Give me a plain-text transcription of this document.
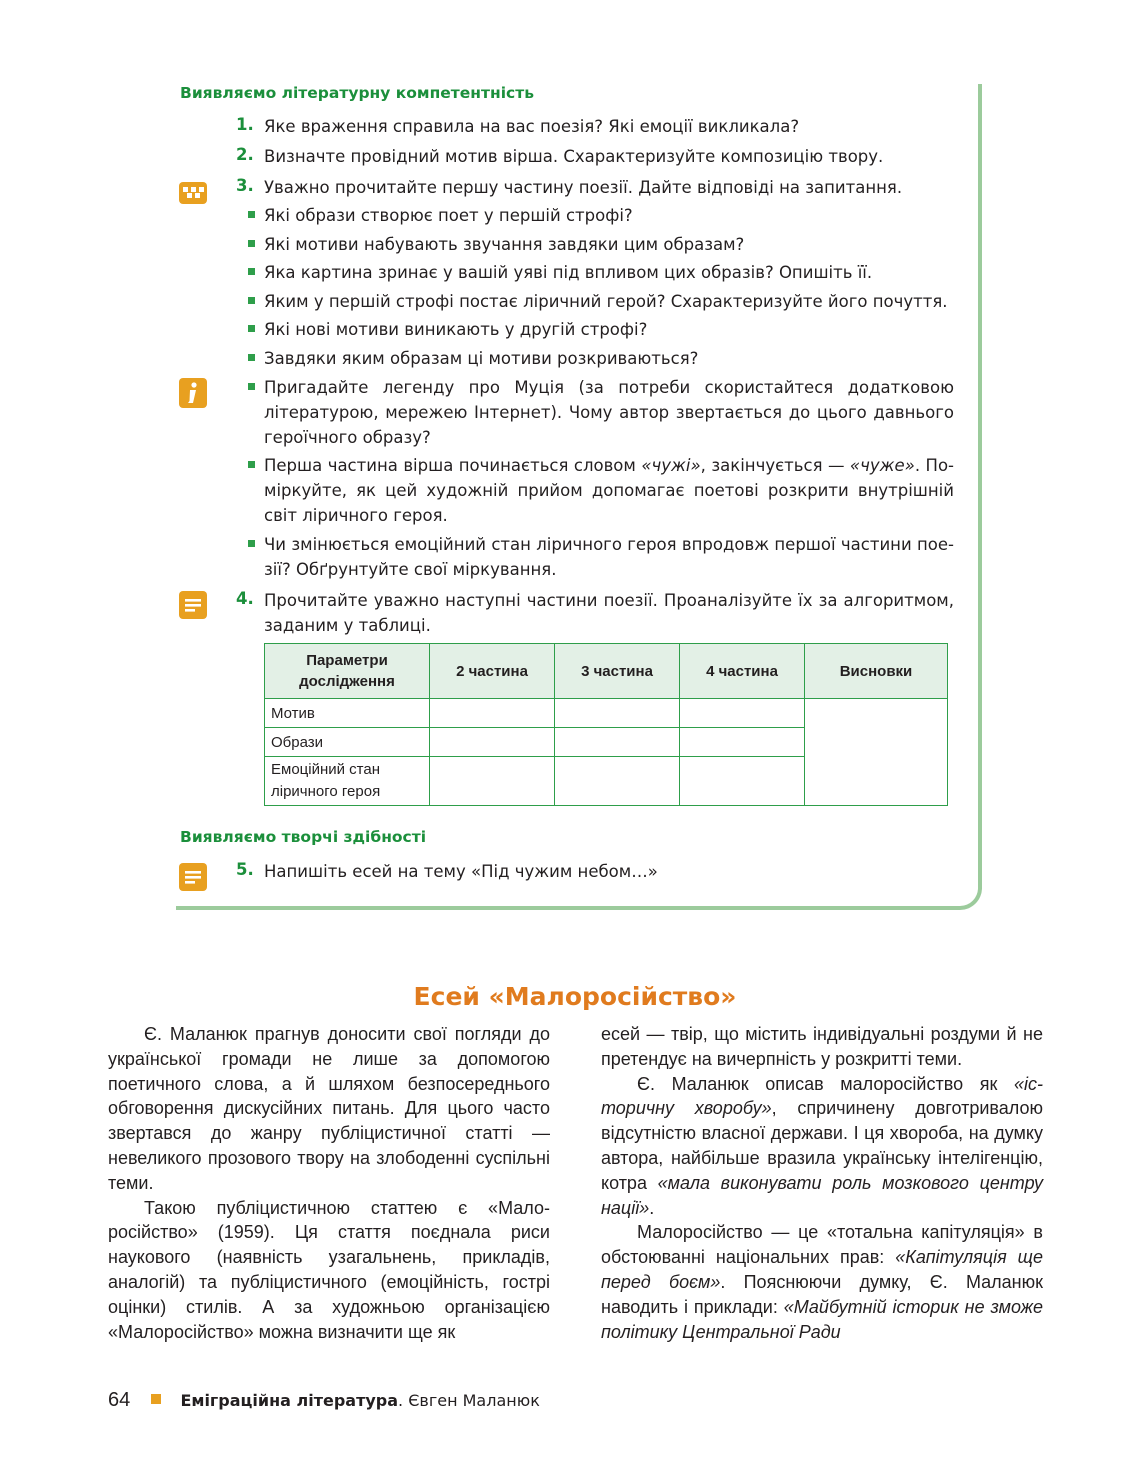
Виявляємо літературну компетентність
1. Яке враження справила на вас поезія? Які емоції викликала?
2. Визначте провідний мотив вірша. Схарактеризуйте композицію твору.
3. Уважно прочитайте першу частину поезії. Дайте відповіді на запитання.
Які образи створює поет у першій строфі?
Які мотиви набувають звучання завдяки цим образам?
Яка картина зринає у вашій уяві під впливом цих образів? Опишіть її.
Яким у першій строфі постає ліричний герой? Схарактеризуйте його почуття.
Які нові мотиви виникають у другій строфі?
Завдяки яким образам ці мотиви розкриваються?
Пригадайте легенду про Муція (за потреби скористайтеся додатковою літературою, мережею Інтернет). Чому автор звертається до цього давнього героїчного образу?
Перша частина вірша починається словом «чужі», закінчується — «чуже». Поміркуйте, як цей художній прийом допомагає поетові розкрити внутрішній світ ліричного героя.
Чи змінюється емоційний стан ліричного героя впродовж першої частини поезії? Обґрунтуйте свої міркування.
4. Прочитайте уважно наступні частини поезії. Проаналізуйте їх за алгоритмом, заданим у таблиці.
Параметри дослідження	2 частина	3 частина	4 частина	Висновки
Мотив				
Образи				
Емоційний стан ліричного героя				
Виявляємо творчі здібності
5. Напишіть есей на тему «Під чужим небом…»
Есей «Малоросійство»

Є. Маланюк прагнув доносити свої погляди до української громади не лише за допомогою поетичного слова, а й шляхом безпосереднього обговорення дискусійних питань. Для цього часто звертався до жанру публіцистичної статті — невеликого прозового твору на злободенні суспільні теми.

Такою публіцистичною статтею є «Малоросійство» (1959). Ця стаття поєднала риси наукового (наявність узагальнень, прикладів, аналогій) та публіцистичного (емоційність, гострі оцінки) стилів. А за художньою організацією «Малоросійство» можна визначити ще як

есей — твір, що містить індивідуальні роздуми й не претендує на вичерпність у розкритті теми.

Є. Маланюк описав малоросійство як «історичну хворобу», спричинену довготривалою відсутністю власної держави. І ця хвороба, на думку автора, найбільше вразила українську інтелігенцію, котра «мала виконувати роль мозкового центру нації».

Малоросійство — це «тотальна капітуляція» в обстоюванні національних прав: «Капітуляція ще перед боєм». Пояснюючи думку, Є. Маланюк наводить і приклади: «Майбутній історик не зможе політику Центральної Ради

64	Еміграційна література. Євген Маланюк
